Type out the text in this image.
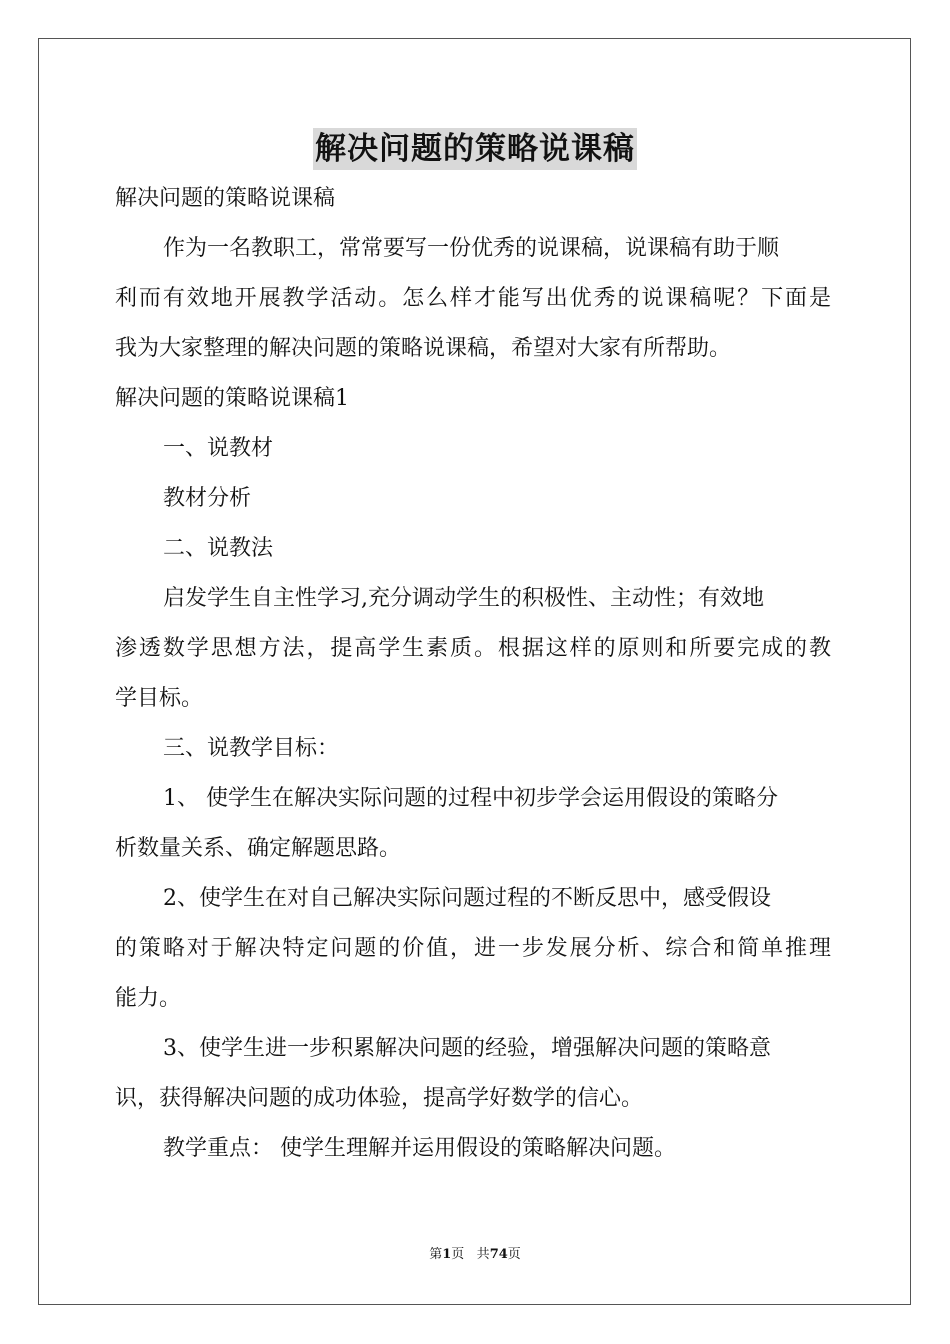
解决问题的策略说课稿
解决问题的策略说课稿
作为一名教职工，常常要写一份优秀的说课稿，说课稿有助于顺
利而有效地开展教学活动。怎么样才能写出优秀的说课稿呢？下面是
我为大家整理的解决问题的策略说课稿，希望对大家有所帮助。
解决问题的策略说课稿1
一、说教材
教材分析
二、说教法
启发学生自主性学习,充分调动学生的积极性、主动性；有效地
渗透数学思想方法，提高学生素质。根据这样的原则和所要完成的教
学目标。
三、说教学目标：
1、 使学生在解决实际问题的过程中初步学会运用假设的策略分
析数量关系、确定解题思路。
2、使学生在对自己解决实际问题过程的不断反思中，感受假设
的策略对于解决特定问题的价值，进一步发展分析、综合和简单推理
能力。
3、使学生进一步积累解决问题的经验，增强解决问题的策略意
识，获得解决问题的成功体验，提高学好数学的信心。
教学重点： 使学生理解并运用假设的策略解决问题。
第1页 共74页
